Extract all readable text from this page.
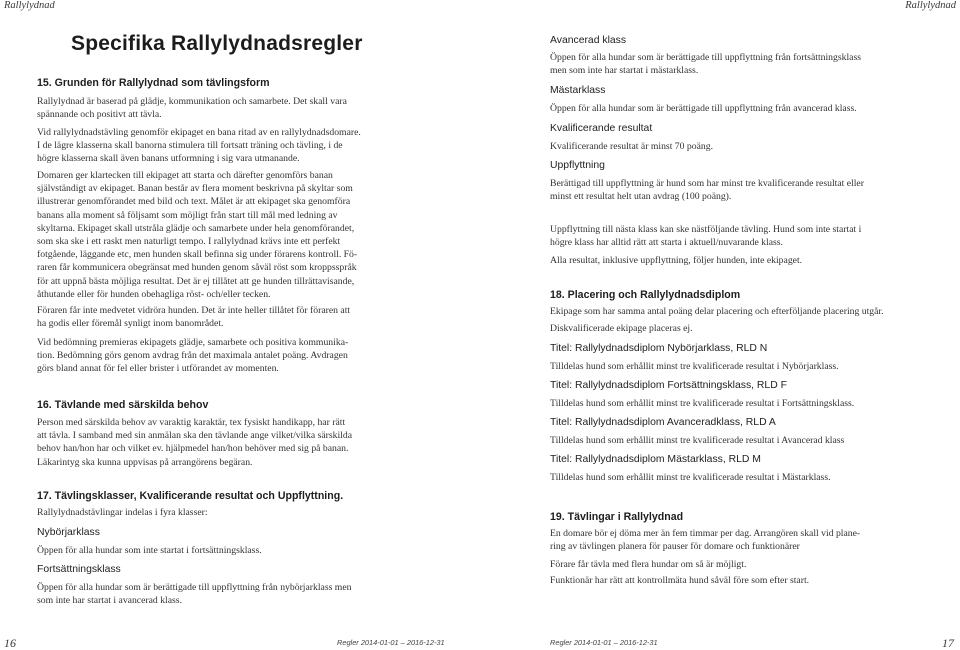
Rallylydnad
Specifika Rallylydnadsregler
15. Grunden för Rallylydnad som tävlingsform
Rallylydnad är baserad på glädje, kommunikation och samarbete. Det skall vara
spännande och positivt att tävla.
Vid rallylydnadstävling genomför ekipaget en bana ritad av en rallylydnadsdomare.
I de lägre klasserna skall banorna stimulera till fortsatt träning och tävling, i de
högre klasserna skall även banans utformning i sig vara utmanande.
Domaren ger klartecken till ekipaget att starta och därefter genomförs banan
självständigt av ekipaget. Banan består av flera moment beskrivna på skyltar som
illustrerar genomförandet med bild och text. Målet är att ekipaget ska genomföra
banans alla moment så följsamt som möjligt från start till mål med ledning av
skyltarna. Ekipaget skall utstråla glädje och samarbete under hela genomförandet,
som ska ske i ett raskt men naturligt tempo. I rallylydnad krävs inte ett perfekt
fotgående, läggande etc, men hunden skall befinna sig under förarens kontroll. Fö-
raren får kommunicera obegränsat med hunden genom såväl röst som kroppsspråk
för att uppnå bästa möjliga resultat. Det är ej tillåtet att ge hunden tillrättavisande,
åthutande eller för hunden obehagliga röst- och/eller tecken.
Föraren får inte medvetet vidröra hunden. Det är inte heller tillåtet för föraren att
ha godis eller föremål synligt inom banområdet.
Vid bedömning premieras ekipagets glädje, samarbete och positiva kommunika-
tion. Bedömning görs genom avdrag från det maximala antalet poäng. Avdragen
görs bland annat för fel eller brister i utförandet av momenten.
16. Tävlande med särskilda behov
Person med särskilda behov av varaktig karaktär, tex fysiskt handikapp, har rätt
att tävla. I samband med sin anmälan ska den tävlande ange vilket/vilka särskilda
behov han/hon har och vilket ev. hjälpmedel han/hon behöver med sig på banan.
Läkarintyg ska kunna uppvisas på arrangörens begäran.
17. Tävlingsklasser, Kvalificerande resultat och Uppflyttning.
Rallylydnadstävlingar indelas i fyra klasser:
Nybörjarklass
Öppen för alla hundar som inte startat i fortsättningsklass.
Fortsättningsklass
Öppen för alla hundar som är berättigade till uppflyttning från nybörjarklass men
som inte har startat i avancerad klass.
16	Regler 2014-01-01 – 2016-12-31
Rallylydnad
Avancerad klass
Öppen för alla hundar som är berättigade till uppflyttning från fortsättningsklass
men som inte har startat i mästarklass.
Mästarklass
Öppen för alla hundar som är berättigade till uppflyttning från avancerad klass.
Kvalificerande resultat
Kvalificerande resultat är minst 70 poäng.
Uppflyttning
Berättigad till uppflyttning är hund som har minst tre kvalificerande resultat eller
minst ett resultat helt utan avdrag (100 poäng).
Uppflyttning till nästa klass kan ske nästföljande tävling. Hund som inte startat i
högre klass har alltid rätt att starta i aktuell/nuvarande klass.
Alla resultat, inklusive uppflyttning, följer hunden, inte ekipaget.
18. Placering och Rallylydnadsdiplom
Ekipage som har samma antal poäng delar placering och efterföljande placering utgår.
Diskvalificerade ekipage placeras ej.
Titel: Rallylydnadsdiplom Nybörjarklass, RLD N
Tilldelas hund som erhållit minst tre kvalificerade resultat i Nybörjarklass.
Titel: Rallylydnadsdiplom Fortsättningsklass, RLD F
Tilldelas hund som erhållit minst tre kvalificerade resultat i Fortsättningsklass.
Titel: Rallylydnadsdiplom Avanceradklass, RLD A
Tilldelas hund som erhållit minst tre kvalificerade resultat i Avancerad klass
Titel: Rallylydnadsdiplom Mästarklass, RLD M
Tilldelas hund som erhållit minst tre kvalificerade resultat i Mästarklass.
19. Tävlingar i Rallylydnad
En domare bör ej döma mer än fem timmar per dag. Arrangören skall vid plane-
ring av tävlingen planera för pauser för domare och funktionärer
Förare får tävla med flera hundar om så är möjligt.
Funktionär har rätt att kontrollmäta hund såväl före som efter start.
17
Regler 2014-01-01 – 2016-12-31
